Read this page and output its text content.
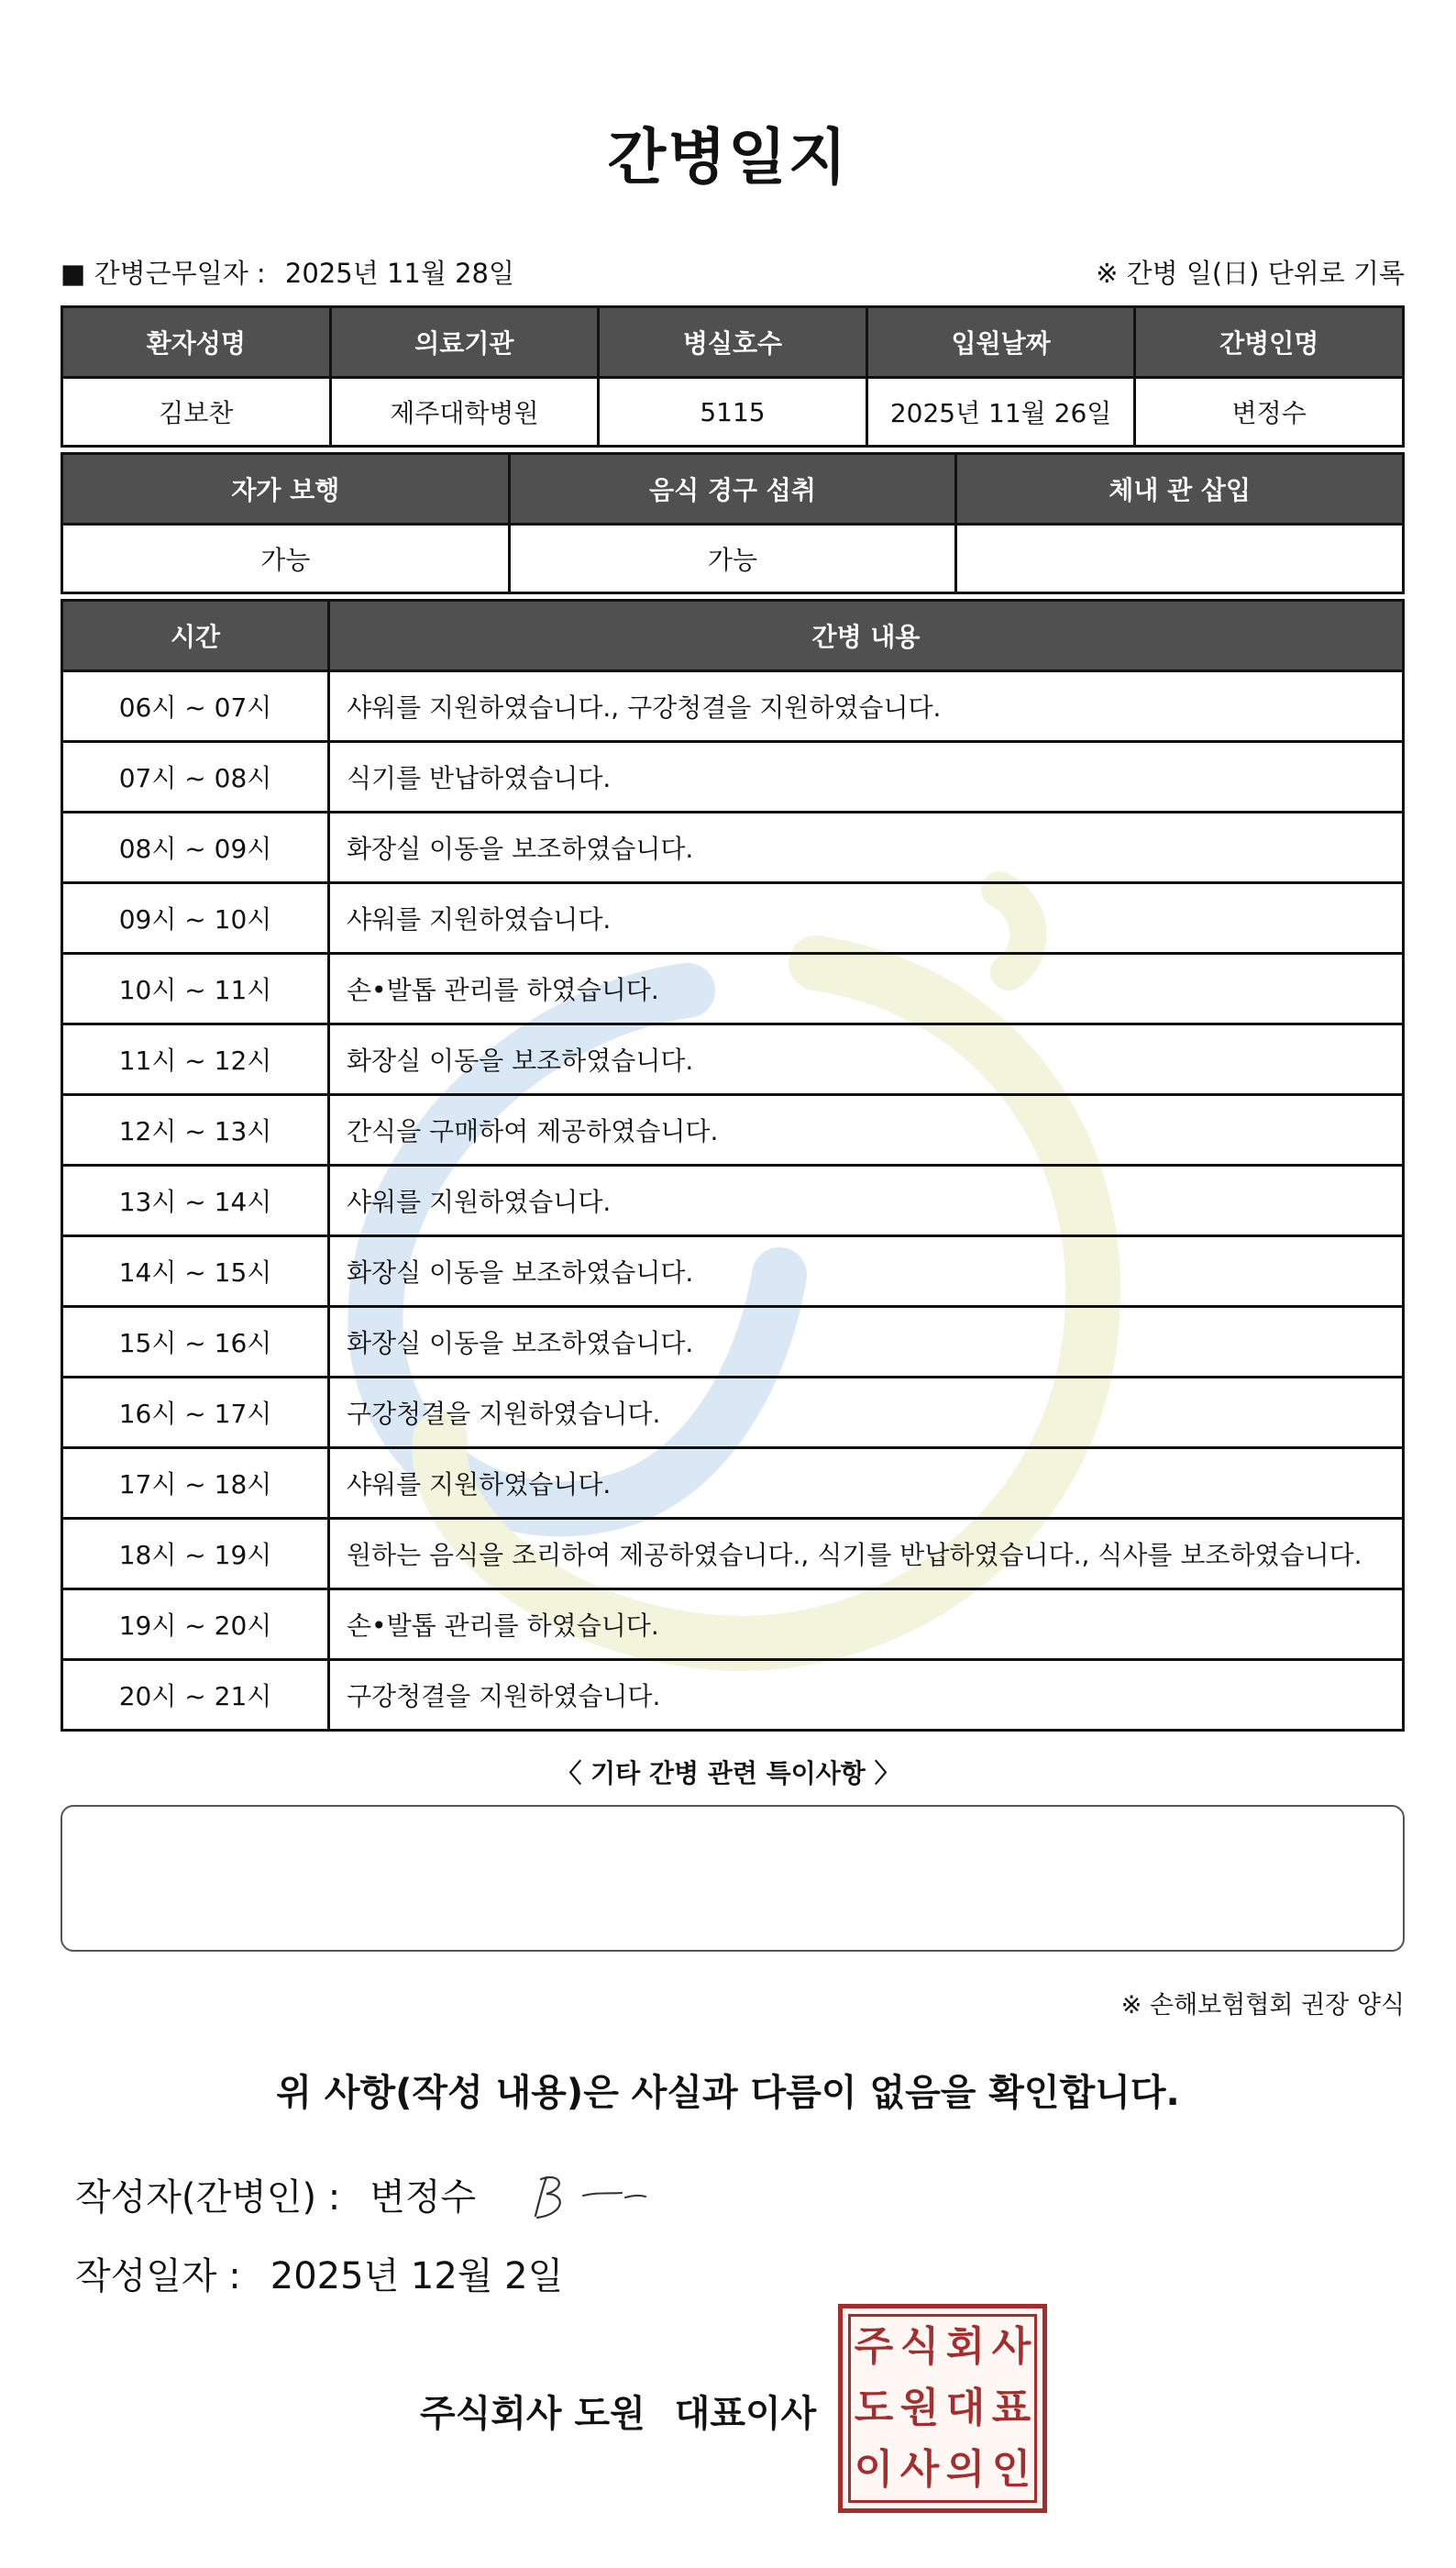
간병일지
■ 간병근무일자 : 2025년 11월 28일	※ 간병 일(日) 단위로 기록
환자성명	의료기관	병실호수	입원날짜	간병인명
김보찬	제주대학병원	5115	2025년 11월 26일	변정수
자가 보행	음식 경구 섭취	체내 관 삽입
가능	가능	
시간	간병 내용
06시 ~ 07시	샤워를 지원하였습니다., 구강청결을 지원하였습니다.
07시 ~ 08시	식기를 반납하였습니다.
08시 ~ 09시	화장실 이동을 보조하였습니다.
09시 ~ 10시	샤워를 지원하였습니다.
10시 ~ 11시	손•발톱 관리를 하였습니다.
11시 ~ 12시	화장실 이동을 보조하였습니다.
12시 ~ 13시	간식을 구매하여 제공하였습니다.
13시 ~ 14시	샤워를 지원하였습니다.
14시 ~ 15시	화장실 이동을 보조하였습니다.
15시 ~ 16시	화장실 이동을 보조하였습니다.
16시 ~ 17시	구강청결을 지원하였습니다.
17시 ~ 18시	샤워를 지원하였습니다.
18시 ~ 19시	원하는 음식을 조리하여 제공하였습니다., 식기를 반납하였습니다., 식사를 보조하였습니다.
19시 ~ 20시	손•발톱 관리를 하였습니다.
20시 ~ 21시	구강청결을 지원하였습니다.
〈 기타 간병 관련 특이사항 〉
※ 손해보험협회 권장 양식
위 사항(작성 내용)은 사실과 다름이 없음을 확인합니다.
작성자(간병인) : 변정수
작성일자 : 2025년 12월 2일
주식회사 도원 대표이사
주 식 회 사
도 원 대 표
이 사 의 인
